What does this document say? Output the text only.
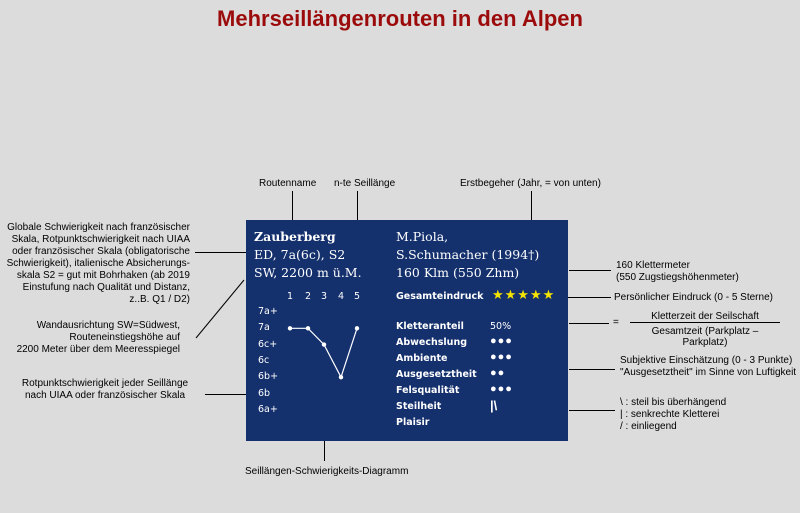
Mehrseillängenrouten in den Alpen
Routenname n-te Seillänge	Erstbegeher (Jahr, = von unten)
Globale Schwierigkeit nach französischer
Skala, Rotpunktschwierigkeit nach UIAA
oder französischer Skala (obligatorische
Schwierigkeit), italienische Absicherungs-
skala S2 = gut mit Bohrhaken (ab 2019
Einstufung nach Qualität und Distanz,
z..B. Q1 / D2)
Wandausrichtung SW=Südwest,
Routeneinstiegshöhe auf
2200 Meter über dem Meeresspiegel
Rotpunktschwierigkeit jeder Seillänge
nach UIAA oder französischer Skala
Seillängen-Schwierigkeits-Diagramm
160 Klettermeter
(550 Zugstiegshöhenmeter)
Persönlicher Eindruck (0 - 5 Sterne)
=
Kletterzeit der Seilschaft
Gesamtzeit (Parkplatz – Parkplatz)
Subjektive Einschätzung (0 - 3 Punkte)
"Ausgesetztheit" im Sinne von Luftigkeit
\ : steil bis überhängend
| : senkrechte Kletterei
/ : einliegend
Zauberberg
ED, 7a(6c), S2
SW, 2200 m ü.M.
M.Piola,
S.Schumacher (1994†)
160 Klm (550 Zhm)
Gesamteindruck ★★★★★
Kletteranteil	50%
Abwechslung ●●●
Ambiente	●●●
Ausgesetztheit ●●
Felsqualität	●●●
Steilheit	|\
Plaisir
1 2 3 4 5
7a+
7a
6c+
6c
6b+
6b
6a+
